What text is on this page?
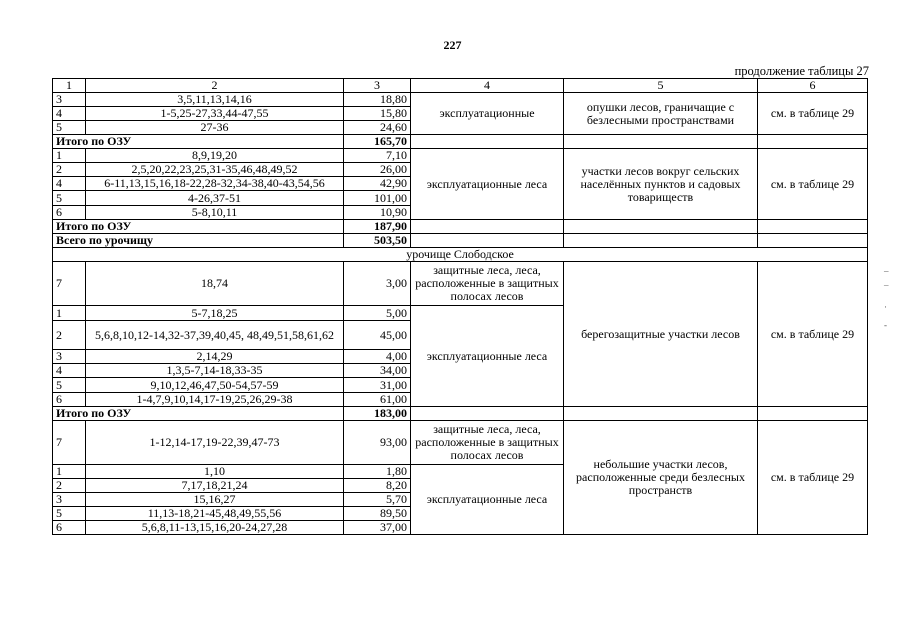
227
продолжение таблицы 27
1	2	3	4	5	6
3	3,5,11,13,14,16	18,80	эксплуатационные	опушки лесов, граничащие с безлесными пространствами	см. в таблице 29
4	1-5,25-27,33,44-47,55	15,80			
5	27-36	24,60			
Итого по ОЗУ		165,70			
1	8,9,19,20	7,10	эксплуатационные леса	участки лесов вокруг сельских населённых пунктов и садовых товариществ	см. в таблице 29
2	2,5,20,22,23,25,31-35,46,48,49,52	26,00			
4	6-11,13,15,16,18-22,28-32,34-38,40-43,54,56	42,90			
5	4-26,37-51	101,00			
6	5-8,10,11	10,90			
Итого по ОЗУ		187,90			
Всего по урочищу		503,50			
урочище Слободское					
7	18,74	3,00	защитные леса, леса, расположенные в защитных полосах лесов	берегозащитные участки лесов	см. в таблице 29
1	5-7,18,25	5,00	эксплуатационные леса		
2	5,6,8,10,12-14,32-37,39,40,45, 48,49,51,58,61,62	45,00			
3	2,14,29	4,00			
4	1,3,5-7,14-18,33-35	34,00			
5	9,10,12,46,47,50-54,57-59	31,00			
6	1-4,7,9,10,14,17-19,25,26,29-38	61,00			
Итого по ОЗУ		183,00			
7	1-12,14-17,19-22,39,47-73	93,00	защитные леса, леса, расположенные в защитных полосах лесов	небольшие участки лесов, расположенные среди безлесных пространств	см. в таблице 29
1	1,10	1,80	эксплуатационные леса		
2	7,17,18,21,24	8,20			
3	15,16,27	5,70			
5	11,13-18,21-45,48,49,55,56	89,50			
6	5,6,8,11-13,15,16,20-24,27,28	37,00			
–
¯
·
‑
